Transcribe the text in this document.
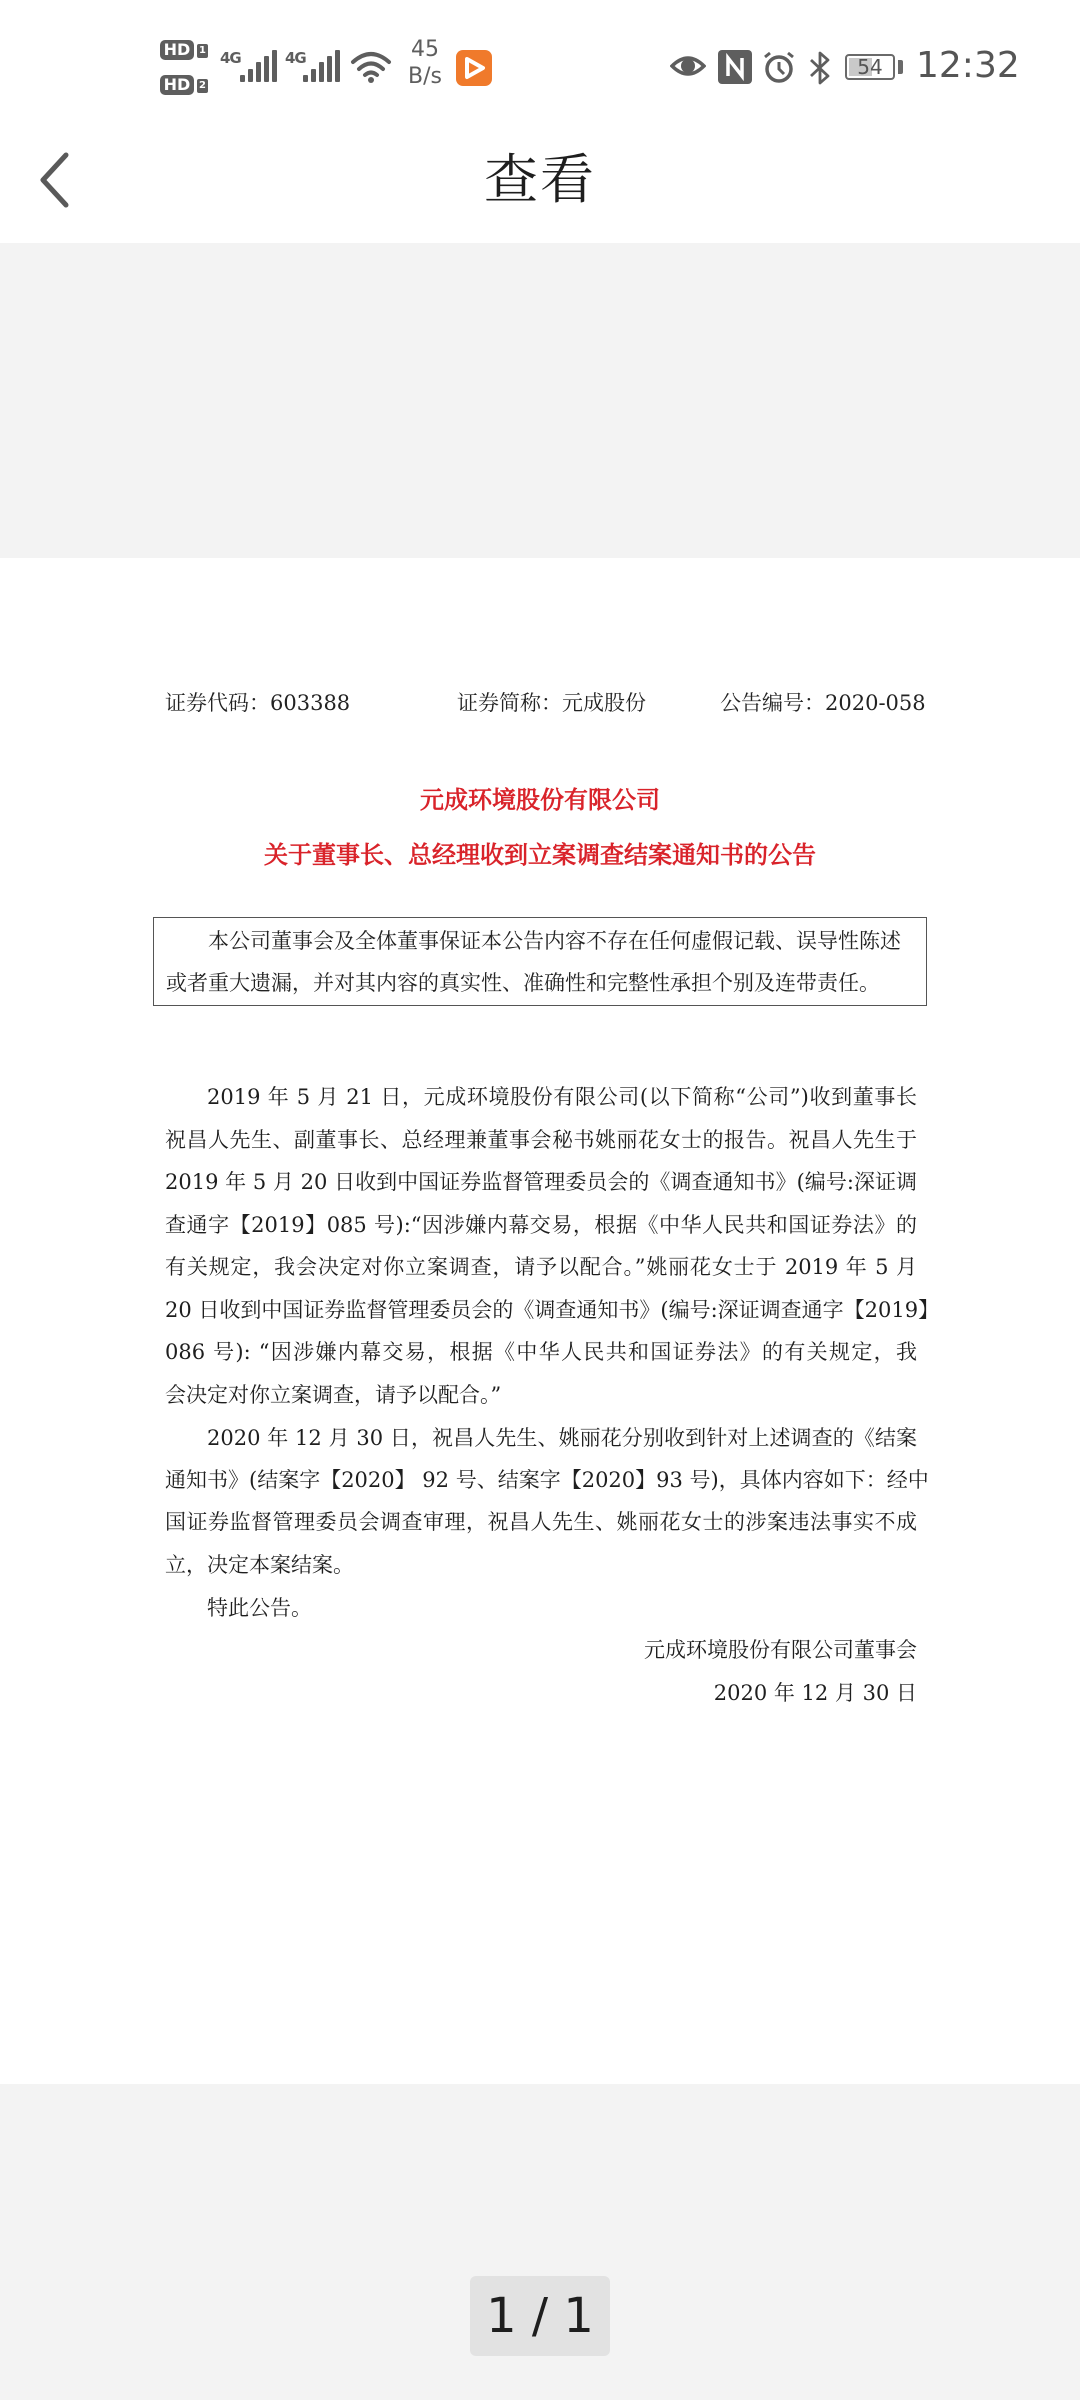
HD 1
HD 2
4G	4G	45
B/s	54 12:32
查看
证券代码：603388	证券简称：元成股份	公告编号：2020-058
元成环境股份有限公司
关于董事长、总经理收到立案调查结案通知书的公告

本公司董事会及全体董事保证本公告内容不存在任何虚假记载、误导性陈述

或者重大遗漏，并对其内容的真实性、准确性和完整性承担个别及连带责任。

2019 年 5 月 21 日，元成环境股份有限公司(以下简称“公司”)收到董事长
祝昌人先生、副董事长、总经理兼董事会秘书姚丽花女士的报告。祝昌人先生于
2019 年 5 月 20 日收到中国证券监督管理委员会的《调查通知书》(编号:深证调
查通字【2019】085 号):“因涉嫌内幕交易，根据《中华人民共和国证券法》的
有关规定，我会决定对你立案调查，请予以配合。”姚丽花女士于 2019 年 5 月
20 日收到中国证券监督管理委员会的《调查通知书》(编号:深证调查通字【2019】
086 号): “因涉嫌内幕交易，根据《中华人民共和国证券法》的有关规定，我
会决定对你立案调查，请予以配合。”
2020 年 12 月 30 日，祝昌人先生、姚丽花分别收到针对上述调查的《结案
通知书》(结案字【2020】 92 号、结案字【2020】93 号)，具体内容如下：经中
国证券监督管理委员会调查审理，祝昌人先生、姚丽花女士的涉案违法事实不成
立，决定本案结案。
特此公告。
元成环境股份有限公司董事会
2020 年 12 月 30 日
1 / 1
